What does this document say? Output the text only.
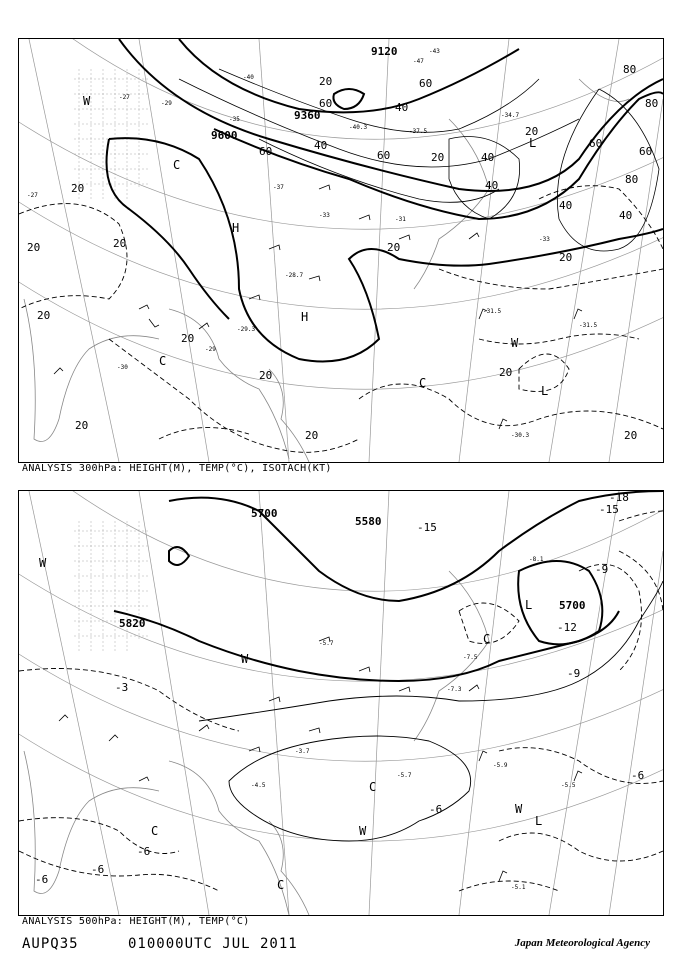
9120
9360
9600
20
20
20
20
20
20
20
20
20
20
20
20
20
20
20
40
40
40
40
40
40
60
60
60	60
60
60
80
80
80
-27
-27
-29
-29
-30
-31
-33
-33
-35
-37
-40
-43
-47
-31.5
-31.5
-30.3
-29.3
-28.7
-34.7
-40.3
-37.5
H
H
L
L
W
W
C
C
C
ANALYSIS 300hPa: HEIGHT(M), TEMP(°C), ISOTACH(KT)
5580
5700
5700
5820
-3
-6
-6
-6
-6
-6
-9
-9
-12
-15
-15
-18
-5.1
-5.7
-5.9
-5.5
-4.5
-8.1
-7.3
-7.5
-5.7
-3.7
W
W
W
W
C
C
C
C
L
L
ANALYSIS 500hPa: HEIGHT(M), TEMP(°C)
AUPQ35	010000UTC JUL 2011	Japan Meteorological Agency
